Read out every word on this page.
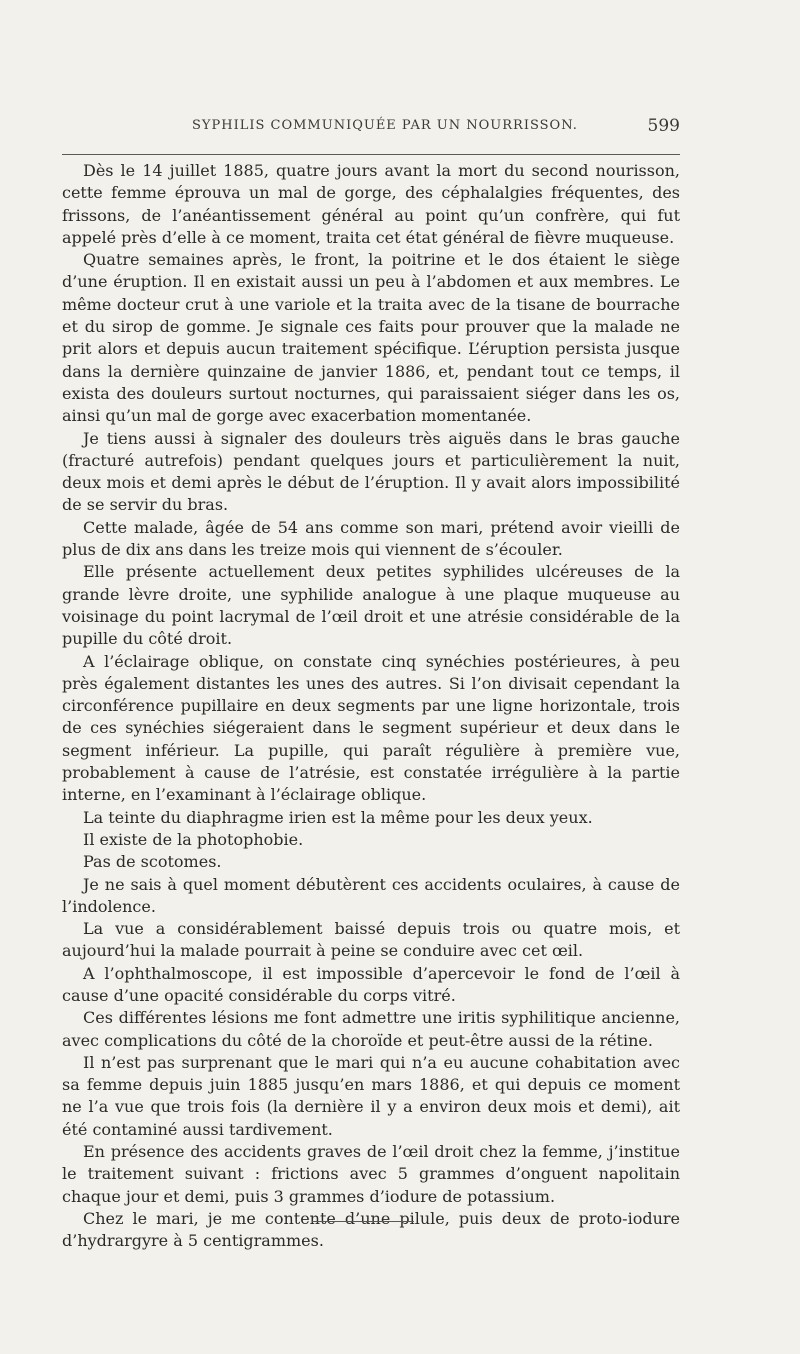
SYPHILIS COMMUNIQUÉE PAR UN NOURRISSON.	599

Dès le 14 juillet 1885, quatre jours avant la mort du second nourisson, cette femme éprouva un mal de gorge, des céphalalgies fréquentes, des frissons, de l’anéantissement général au point qu’un confrère, qui fut appelé près d’elle à ce moment, traita cet état général de fièvre muqueuse.

Quatre semaines après, le front, la poitrine et le dos étaient le siège d’une éruption. Il en existait aussi un peu à l’abdomen et aux membres. Le même docteur crut à une variole et la traita avec de la tisane de bourrache et du sirop de gomme. Je signale ces faits pour prouver que la malade ne prit alors et depuis aucun traitement spécifique. L’éruption persista jusque dans la dernière quinzaine de janvier 1886, et, pendant tout ce temps, il exista des douleurs surtout nocturnes, qui paraissaient siéger dans les os, ainsi qu’un mal de gorge avec exacerbation momentanée.

Je tiens aussi à signaler des douleurs très aiguës dans le bras gauche (fracturé autrefois) pendant quelques jours et particulièrement la nuit, deux mois et demi après le début de l’éruption. Il y avait alors impossibilité de se servir du bras.

Cette malade, âgée de 54 ans comme son mari, prétend avoir vieilli de plus de dix ans dans les treize mois qui viennent de s’écouler.

Elle présente actuellement deux petites syphilides ulcéreuses de la grande lèvre droite, une syphilide analogue à une plaque muqueuse au voisinage du point lacrymal de l’œil droit et une atrésie considérable de la pupille du côté droit.

A l’éclairage oblique, on constate cinq synéchies postérieures, à peu près également distantes les unes des autres. Si l’on divisait cependant la circonférence pupillaire en deux segments par une ligne horizontale, trois de ces synéchies siégeraient dans le segment supérieur et deux dans le segment inférieur. La pupille, qui paraît régulière à première vue, probablement à cause de l’atrésie, est constatée irrégulière à la partie interne, en l’examinant à l’éclairage oblique.

La teinte du diaphragme irien est la même pour les deux yeux.

Il existe de la photophobie.

Pas de scotomes.

Je ne sais à quel moment débutèrent ces accidents oculaires, à cause de l’indolence.

La vue a considérablement baissé depuis trois ou quatre mois, et aujourd’hui la malade pourrait à peine se conduire avec cet œil.

A l’ophthalmoscope, il est impossible d’apercevoir le fond de l’œil à cause d’une opacité considérable du corps vitré.

Ces différentes lésions me font admettre une iritis syphilitique ancienne, avec complications du côté de la choroïde et peut-être aussi de la rétine.

Il n’est pas surprenant que le mari qui n’a eu aucune cohabitation avec sa femme depuis juin 1885 jusqu’en mars 1886, et qui depuis ce moment ne l’a vue que trois fois (la dernière il y a environ deux mois et demi), ait été contaminé aussi tardivement.

En présence des accidents graves de l’œil droit chez la femme, j’institue le traitement suivant : frictions avec 5 grammes d’onguent napolitain chaque jour et demi, puis 3 grammes d’iodure de potassium.

Chez le mari, je me contente d’une pilule, puis deux de proto-iodure d’hydrargyre à 5 centigrammes.
